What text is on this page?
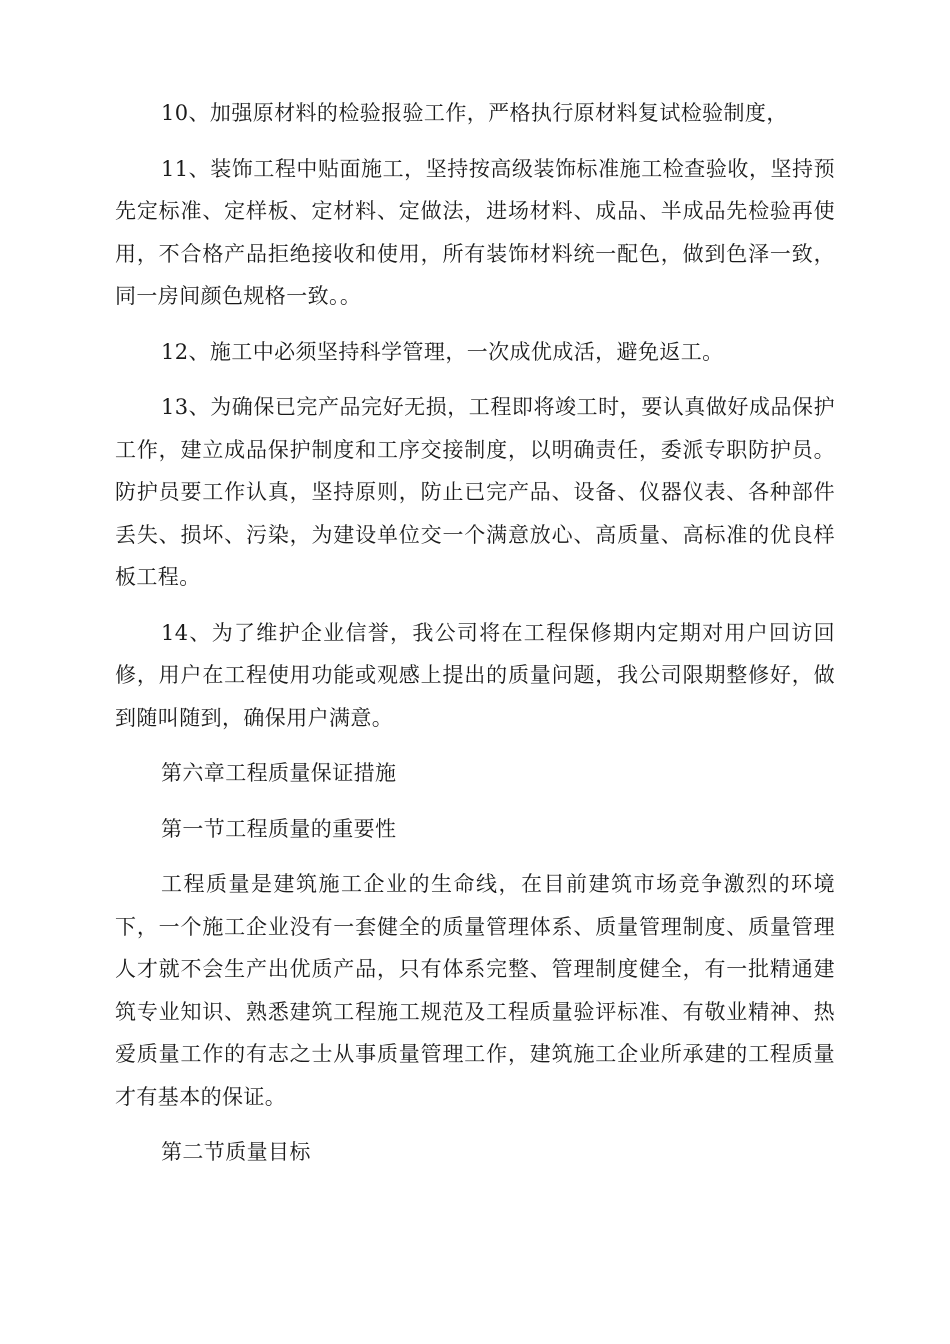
10、加强原材料的检验报验工作，严格执行原材料复试检验制度，

11、装饰工程中贴面施工，坚持按高级装饰标准施工检查验收，坚持预先定标准、定样板、定材料、定做法，进场材料、成品、半成品先检验再使用，不合格产品拒绝接收和使用，所有装饰材料统一配色，做到色泽一致，同一房间颜色规格一致。。

12、施工中必须坚持科学管理，一次成优成活，避免返工。

13、为确保已完产品完好无损，工程即将竣工时，要认真做好成品保护工作，建立成品保护制度和工序交接制度，以明确责任，委派专职防护员。防护员要工作认真，坚持原则，防止已完产品、设备、仪器仪表、各种部件丢失、损坏、污染，为建设单位交一个满意放心、高质量、高标准的优良样板工程。

14、为了维护企业信誉，我公司将在工程保修期内定期对用户回访回修，用户在工程使用功能或观感上提出的质量问题，我公司限期整修好，做到随叫随到，确保用户满意。

第六章工程质量保证措施

第一节工程质量的重要性

工程质量是建筑施工企业的生命线，在目前建筑市场竞争激烈的环境下，一个施工企业没有一套健全的质量管理体系、质量管理制度、质量管理人才就不会生产出优质产品，只有体系完整、管理制度健全，有一批精通建筑专业知识、熟悉建筑工程施工规范及工程质量验评标准、有敬业精神、热爱质量工作的有志之士从事质量管理工作，建筑施工企业所承建的工程质量才有基本的保证。

第二节质量目标
